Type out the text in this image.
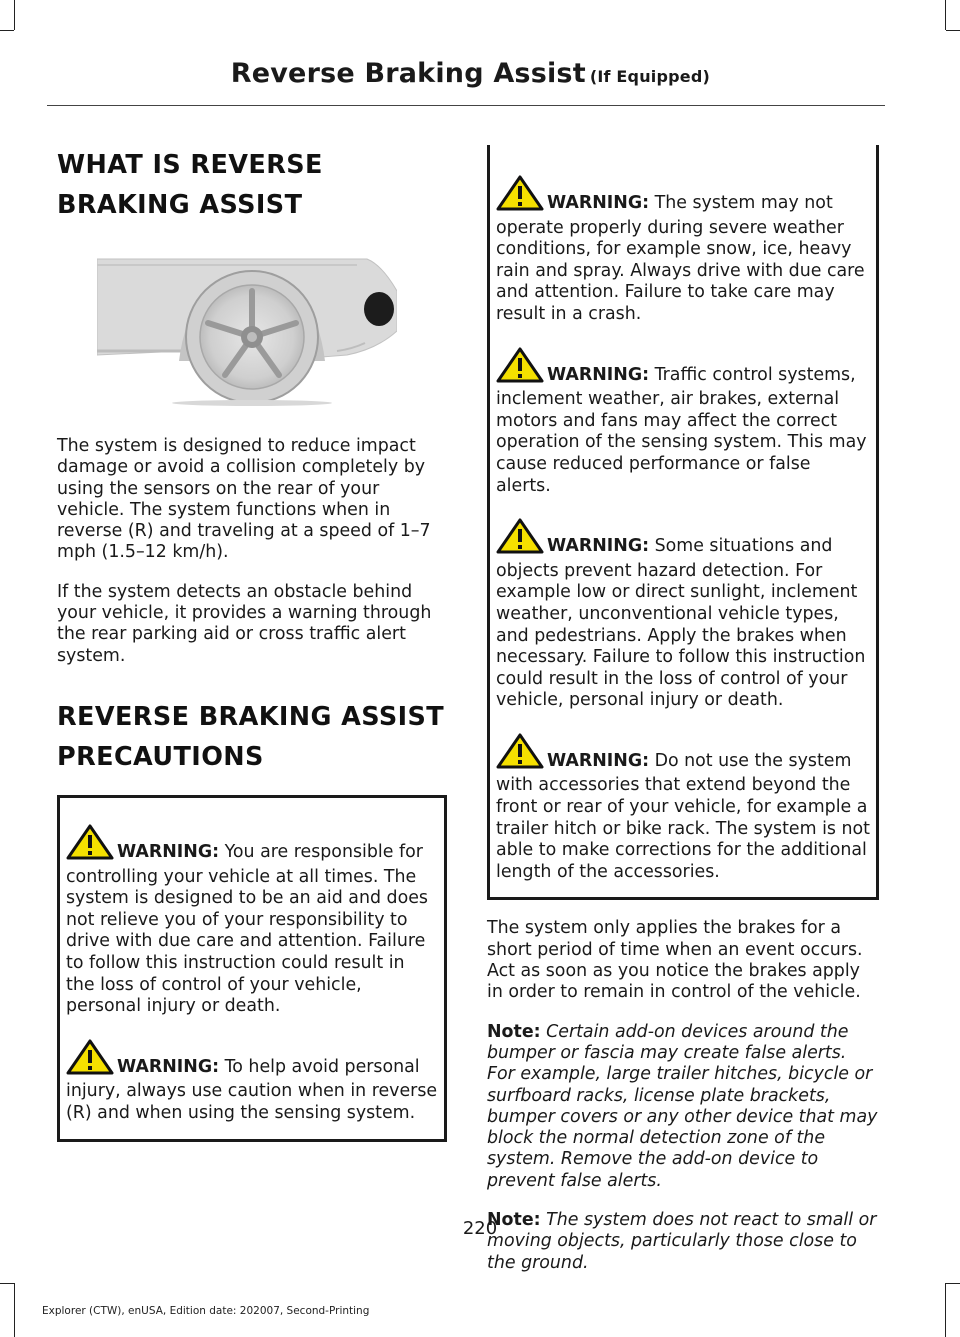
Reverse Braking Assist (If Equipped)
WHAT IS REVERSE BRAKING ASSIST

The system is designed to reduce impact damage or avoid a collision completely by using the sensors on the rear of your vehicle. The system functions when in reverse (R) and traveling at a speed of 1–7 mph (1.5–12 km/h).

If the system detects an obstacle behind your vehicle, it provides a warning through the rear parking aid or cross traffic alert system.

REVERSE BRAKING ASSIST PRECAUTIONS
WARNING: You are responsible for controlling your vehicle at all times. The system is designed to be an aid and does not relieve you of your responsibility to drive with due care and attention. Failure to follow this instruction could result in the loss of control of your vehicle, personal injury or death.
WARNING: To help avoid personal injury, always use caution when in reverse (R) and when using the sensing system.
WARNING: The system may not operate properly during severe weather conditions, for example snow, ice, heavy rain and spray. Always drive with due care and attention. Failure to take care may result in a crash.
WARNING: Traffic control systems, inclement weather, air brakes, external motors and fans may affect the correct operation of the sensing system. This may cause reduced performance or false alerts.
WARNING: Some situations and objects prevent hazard detection. For example low or direct sunlight, inclement weather, unconventional vehicle types, and pedestrians. Apply the brakes when necessary. Failure to follow this instruction could result in the loss of control of your vehicle, personal injury or death.
WARNING: Do not use the system with accessories that extend beyond the front or rear of your vehicle, for example a trailer hitch or bike rack. The system is not able to make corrections for the additional length of the accessories.

The system only applies the brakes for a short period of time when an event occurs. Act as soon as you notice the brakes apply in order to remain in control of the vehicle.

Note: Certain add-on devices around the bumper or fascia may create false alerts. For example, large trailer hitches, bicycle or surfboard racks, license plate brackets, bumper covers or any other device that may block the normal detection zone of the system. Remove the add-on device to prevent false alerts.

Note: The system does not react to small or moving objects, particularly those close to the ground.

220
Explorer (CTW), enUSA, Edition date: 202007, Second-Printing
